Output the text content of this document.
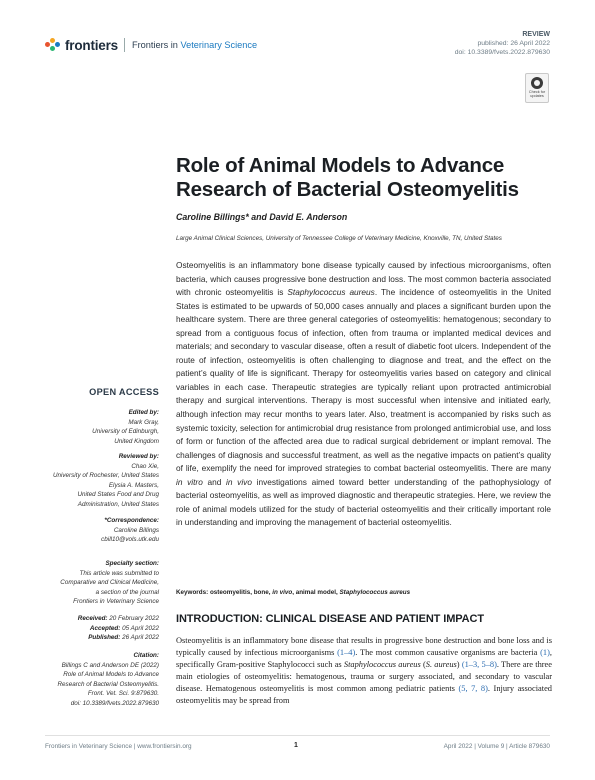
frontiers Frontiers in Veterinary Science
REVIEW
published: 26 April 2022
doi: 10.3389/fvets.2022.879630
Check for
updates
Role of Animal Models to Advance
Research of Bacterial Osteomyelitis
Caroline Billings* and David E. Anderson
Large Animal Clinical Sciences, University of Tennessee College of Veterinary Medicine, Knoxville, TN, United States
Osteomyelitis is an inflammatory bone disease typically caused by infectious microorganisms, often bacteria, which causes progressive bone destruction and loss. The most common bacteria associated with chronic osteomyelitis is Staphylococcus aureus. The incidence of osteomyelitis in the United States is estimated to be upwards of 50,000 cases annually and places a significant burden upon the healthcare system. There are three general categories of osteomyelitis: hematogenous; secondary to spread from a contiguous focus of infection, often from trauma or implanted medical devices and materials; and secondary to vascular disease, often a result of diabetic foot ulcers. Independent of the route of infection, osteomyelitis is often challenging to diagnose and treat, and the effect on the patient’s quality of life is significant. Therapy for osteomyelitis varies based on category and clinical variables in each case. Therapeutic strategies are typically reliant upon protracted antimicrobial therapy and surgical interventions. Therapy is most successful when intensive and initiated early, although infection may recur months to years later. Also, treatment is accompanied by risks such as systemic toxicity, selection for antimicrobial drug resistance from prolonged antimicrobial use, and loss of form or function of the affected area due to radical surgical debridement or implant removal. The challenges of diagnosis and successful treatment, as well as the negative impacts on patient’s quality of life, exemplify the need for improved strategies to combat bacterial osteomyelitis. There are many in vitro and in vivo investigations aimed toward better understanding of the pathophysiology of bacterial osteomyelitis, as well as improved diagnostic and therapeutic strategies. Here, we review the role of animal models utilized for the study of bacterial osteomyelitis and their critically important role in understanding and improving the management of bacterial osteomyelitis.
Keywords: osteomyelitis, bone, in vivo, animal model, Staphylococcus aureus
OPEN ACCESS
Edited by:
Mark Gray,
University of Edinburgh,
United Kingdom
Reviewed by:
Chao Xie,
University of Rochester, United States
Elysia A. Masters,
United States Food and Drug
Administration, United States
*Correspondence:
Caroline Billings
cbill10@vols.utk.edu
Specialty section:
This article was submitted to
Comparative and Clinical Medicine,
a section of the journal
Frontiers in Veterinary Science
Received: 20 February 2022
Accepted: 05 April 2022
Published: 26 April 2022
Citation:
Billings C and Anderson DE (2022)
Role of Animal Models to Advance
Research of Bacterial Osteomyelitis.
Front. Vet. Sci. 9:879630.
doi: 10.3389/fvets.2022.879630
INTRODUCTION: CLINICAL DISEASE AND PATIENT IMPACT
Osteomyelitis is an inflammatory bone disease that results in progressive bone destruction and bone loss and is typically caused by infectious microorganisms (1–4). The most common causative organisms are bacteria (1), specifically Gram-positive Staphylococci such as Staphylococcus aureus (S. aureus) (1–3, 5–8). There are three main etiologies of osteomyelitis: hematogenous, trauma or surgery associated, and secondary to vascular disease. Hematogenous osteomyelitis is most common among pediatric patients (5, 7, 8). Injury associated osteomyelitis may be spread from
Frontiers in Veterinary Science | www.frontiersin.org	1	April 2022 | Volume 9 | Article 879630
